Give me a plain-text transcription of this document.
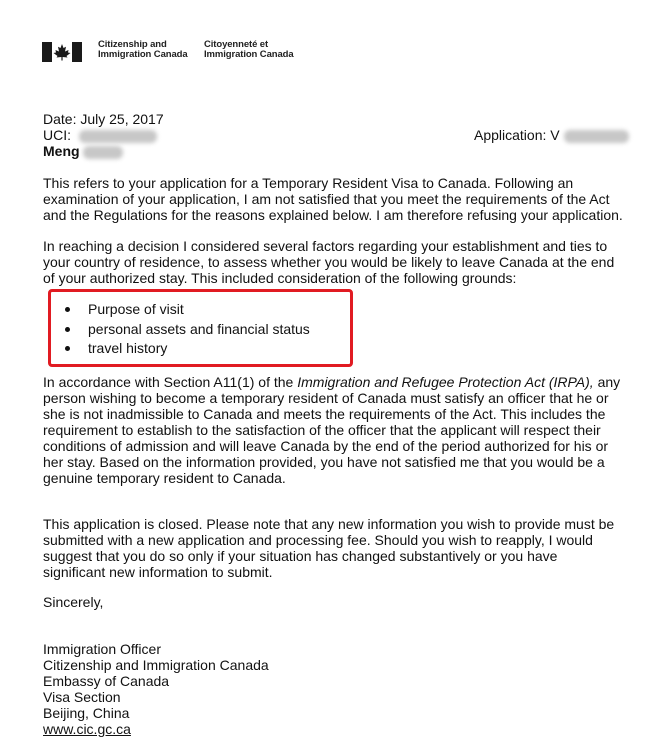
Citizenship and
Immigration Canada
Citoyenneté et
Immigration Canada
Date: July 25, 2017
UCI:
Meng
Application: V

This refers to your application for a Temporary Resident Visa to Canada. Following an examination of your application, I am not satisfied that you meet the requirements of the Act and the Regulations for the reasons explained below. I am therefore refusing your application.

In reaching a decision I considered several factors regarding your establishment and ties to your country of residence, to assess whether you would be likely to leave Canada at the end of your authorized stay. This included consideration of the following grounds:

Purpose of visit
personal assets and financial status
travel history

In accordance with Section A11(1) of the Immigration and Refugee Protection Act (IRPA), any person wishing to become a temporary resident of Canada must satisfy an officer that he or she is not inadmissible to Canada and meets the requirements of the Act. This includes the requirement to establish to the satisfaction of the officer that the applicant will respect their conditions of admission and will leave Canada by the end of the period authorized for his or her stay. Based on the information provided, you have not satisfied me that you would be a genuine temporary resident to Canada.

This application is closed. Please note that any new information you wish to provide must be submitted with a new application and processing fee. Should you wish to reapply, I would suggest that you do so only if your situation has changed substantively or you have significant new information to submit.

Sincerely,
Immigration Officer
Citizenship and Immigration Canada
Embassy of Canada
Visa Section
Beijing, China
www.cic.gc.ca
